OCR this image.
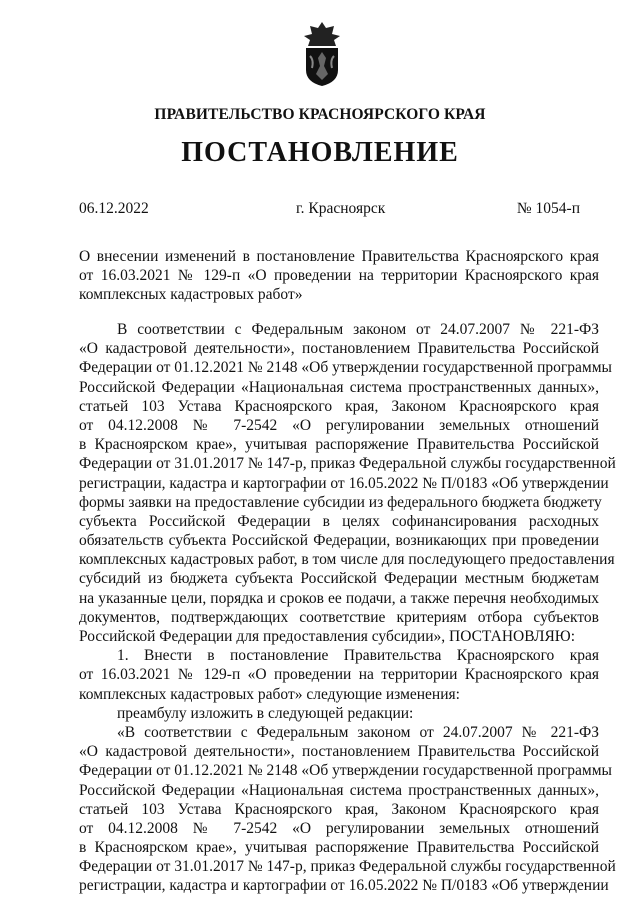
ПРАВИТЕЛЬСТВО КРАСНОЯРСКОГО КРАЯ
ПОСТАНОВЛЕНИЕ
06.12.2022	г. Красноярск	№ 1054-п
О внесении изменений в постановление Правительства Красноярского края
от 16.03.2021 № 129-п «О проведении на территории Красноярского края
комплексных кадастровых работ»
В соответствии с Федеральным законом от 24.07.2007 № 221-ФЗ
«О кадастровой деятельности», постановлением Правительства Российской
Федерации от 01.12.2021 № 2148 «Об утверждении государственной программы
Российской Федерации «Национальная система пространственных данных»,
статьей 103 Устава Красноярского края, Законом Красноярского края
от 04.12.2008 № 7-2542 «О регулировании земельных отношений
в Красноярском крае», учитывая распоряжение Правительства Российской
Федерации от 31.01.2017 № 147-р, приказ Федеральной службы государственной
регистрации, кадастра и картографии от 16.05.2022 № П/0183 «Об утверждении
формы заявки на предоставление субсидии из федерального бюджета бюджету
субъекта Российской Федерации в целях софинансирования расходных
обязательств субъекта Российской Федерации, возникающих при проведении
комплексных кадастровых работ, в том числе для последующего предоставления
субсидий из бюджета субъекта Российской Федерации местным бюджетам
на указанные цели, порядка и сроков ее подачи, а также перечня необходимых
документов, подтверждающих соответствие критериям отбора субъектов
Российской Федерации для предоставления субсидии», ПОСТАНОВЛЯЮ:
1. Внести в постановление Правительства Красноярского края
от 16.03.2021 № 129-п «О проведении на территории Красноярского края
комплексных кадастровых работ» следующие изменения:
преамбулу изложить в следующей редакции:
«В соответствии с Федеральным законом от 24.07.2007 № 221-ФЗ
«О кадастровой деятельности», постановлением Правительства Российской
Федерации от 01.12.2021 № 2148 «Об утверждении государственной программы
Российской Федерации «Национальная система пространственных данных»,
статьей 103 Устава Красноярского края, Законом Красноярского края
от 04.12.2008 № 7-2542 «О регулировании земельных отношений
в Красноярском крае», учитывая распоряжение Правительства Российской
Федерации от 31.01.2017 № 147-р, приказ Федеральной службы государственной
регистрации, кадастра и картографии от 16.05.2022 № П/0183 «Об утверждении
